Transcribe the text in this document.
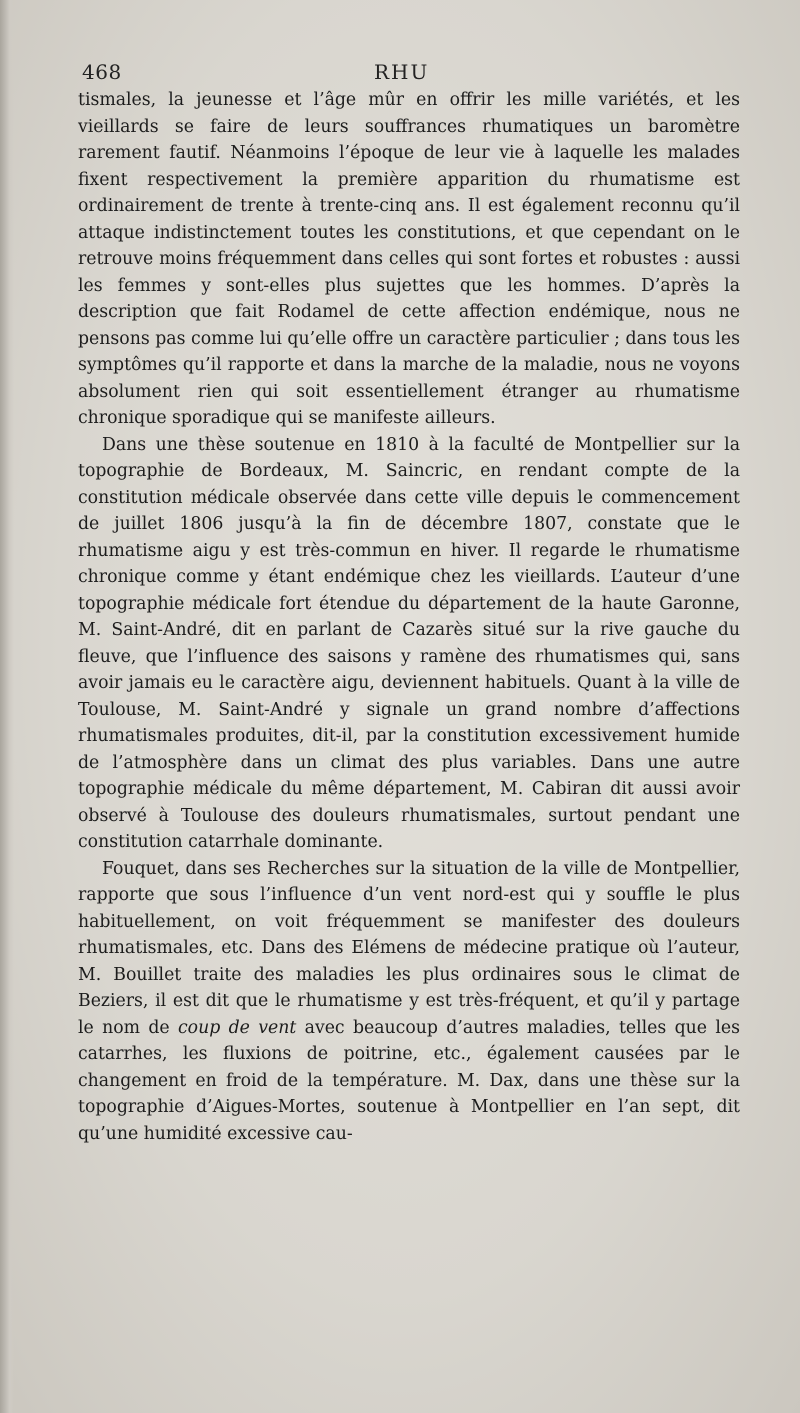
468	RHU

tismales, la jeunesse et l’âge mûr en offrir les mille variétés, et les vieillards se faire de leurs souffrances rhumatiques un baromètre rarement fautif. Néanmoins l’époque de leur vie à laquelle les malades fixent respectivement la première apparition du rhumatisme est ordinairement de trente à trente-cinq ans. Il est également reconnu qu’il attaque indistinctement toutes les constitutions, et que cependant on le retrouve moins fréquemment dans celles qui sont fortes et robustes : aussi les femmes y sont-elles plus sujettes que les hommes. D’après la description que fait Rodamel de cette affection endémique, nous ne pensons pas comme lui qu’elle offre un caractère particulier ; dans tous les symptômes qu’il rapporte et dans la marche de la maladie, nous ne voyons absolument rien qui soit essentiellement étranger au rhumatisme chronique sporadique qui se manifeste ailleurs.

Dans une thèse soutenue en 1810 à la faculté de Montpellier sur la topographie de Bordeaux, M. Saincric, en rendant compte de la constitution médicale observée dans cette ville depuis le commencement de juillet 1806 jusqu’à la fin de décembre 1807, constate que le rhumatisme aigu y est très-commun en hiver. Il regarde le rhumatisme chronique comme y étant endémique chez les vieillards. L’auteur d’une topographie médicale fort étendue du département de la haute Garonne, M. Saint-André, dit en parlant de Cazarès situé sur la rive gauche du fleuve, que l’influence des saisons y ramène des rhumatismes qui, sans avoir jamais eu le caractère aigu, deviennent habituels. Quant à la ville de Toulouse, M. Saint-André y signale un grand nombre d’affections rhumatismales produites, dit-il, par la constitution excessivement humide de l’atmosphère dans un climat des plus variables. Dans une autre topographie médicale du même département, M. Cabiran dit aussi avoir observé à Toulouse des douleurs rhumatismales, surtout pendant une constitution catarrhale dominante.

Fouquet, dans ses Recherches sur la situation de la ville de Montpellier, rapporte que sous l’influence d’un vent nord-est qui y souffle le plus habituellement, on voit fréquemment se manifester des douleurs rhumatismales, etc. Dans des Elémens de médecine pratique où l’auteur, M. Bouillet traite des maladies les plus ordinaires sous le climat de Beziers, il est dit que le rhumatisme y est très-fréquent, et qu’il y partage le nom de coup de vent avec beaucoup d’autres maladies, telles que les catarrhes, les fluxions de poitrine, etc., également causées par le changement en froid de la température. M. Dax, dans une thèse sur la topographie d’Aigues-Mortes, soutenue à Montpellier en l’an sept, dit qu’une humidité excessive cau-
